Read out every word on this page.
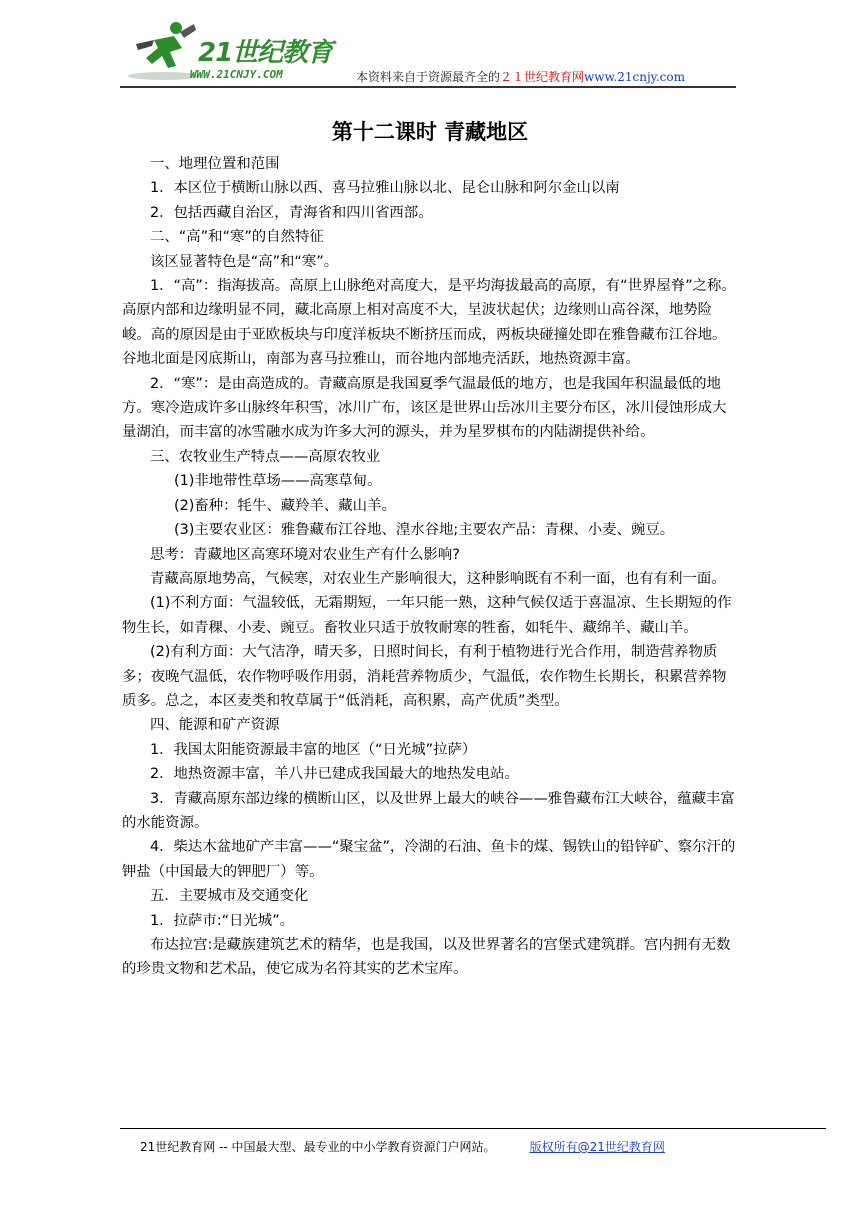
21世纪教育
WWW.21CNJY.COM	本资料来自于资源最齐全的２１世纪教育网www.21cnjy.com
第十二课时 青藏地区

一、地理位置和范围

1．本区位于横断山脉以西、喜马拉雅山脉以北、昆仑山脉和阿尔金山以南

2．包括西藏自治区，青海省和四川省西部。

二、“高”和“寒”的自然特征

该区显著特色是“高”和“寒”。

1．“高”：指海拔高。高原上山脉绝对高度大，是平均海拔最高的高原，有“世界屋脊”之称。高原内部和边缘明显不同，藏北高原上相对高度不大，呈波状起伏；边缘则山高谷深，地势险峻。高的原因是由于亚欧板块与印度洋板块不断挤压而成，两板块碰撞处即在雅鲁藏布江谷地。谷地北面是冈底斯山，南部为喜马拉雅山，而谷地内部地壳活跃，地热资源丰富。

2．“寒”：是由高造成的。青藏高原是我国夏季气温最低的地方，也是我国年积温最低的地方。寒冷造成许多山脉终年积雪，冰川广布，该区是世界山岳冰川主要分布区，冰川侵蚀形成大量湖泊，而丰富的冰雪融水成为许多大河的源头，并为星罗棋布的内陆湖提供补给。

三、农牧业生产特点——高原农牧业

(1)非地带性草场——高寒草甸。

(2)畜种：牦牛、藏羚羊、藏山羊。

(3)主要农业区：雅鲁藏布江谷地、湟水谷地;主要农产品：青稞、小麦、豌豆。

思考：青藏地区高寒环境对农业生产有什么影响?

青藏高原地势高，气候寒，对农业生产影响很大，这种影响既有不利一面，也有有利一面。

(1)不利方面：气温较低，无霜期短，一年只能一熟，这种气候仅适于喜温凉、生长期短的作物生长，如青稞、小麦、豌豆。畜牧业只适于放牧耐寒的牲畜，如牦牛、藏绵羊、藏山羊。

(2)有利方面：大气洁净，晴天多，日照时间长，有利于植物进行光合作用，制造营养物质多；夜晚气温低，农作物呼吸作用弱，消耗营养物质少，气温低，农作物生长期长，积累营养物质多。总之，本区麦类和牧草属于“低消耗，高积累，高产优质”类型。

四、能源和矿产资源

1．我国太阳能资源最丰富的地区（“日光城”拉萨）

2．地热资源丰富，羊八井已建成我国最大的地热发电站。

3．青藏高原东部边缘的横断山区，以及世界上最大的峡谷——雅鲁藏布江大峡谷，蕴藏丰富的水能资源。

4．柴达木盆地矿产丰富——“聚宝盆”，冷湖的石油、鱼卡的煤、锡铁山的铅锌矿、察尔汗的钾盐（中国最大的钾肥厂）等。

五．主要城市及交通变化

1．拉萨市:“日光城”。

布达拉宫:是藏族建筑艺术的精华，也是我国，以及世界著名的宫堡式建筑群。宫内拥有无数的珍贵文物和艺术品，使它成为名符其实的艺术宝库。

21世纪教育网 -- 中国最大型、最专业的中小学教育资源门户网站。	版权所有@21世纪教育网
